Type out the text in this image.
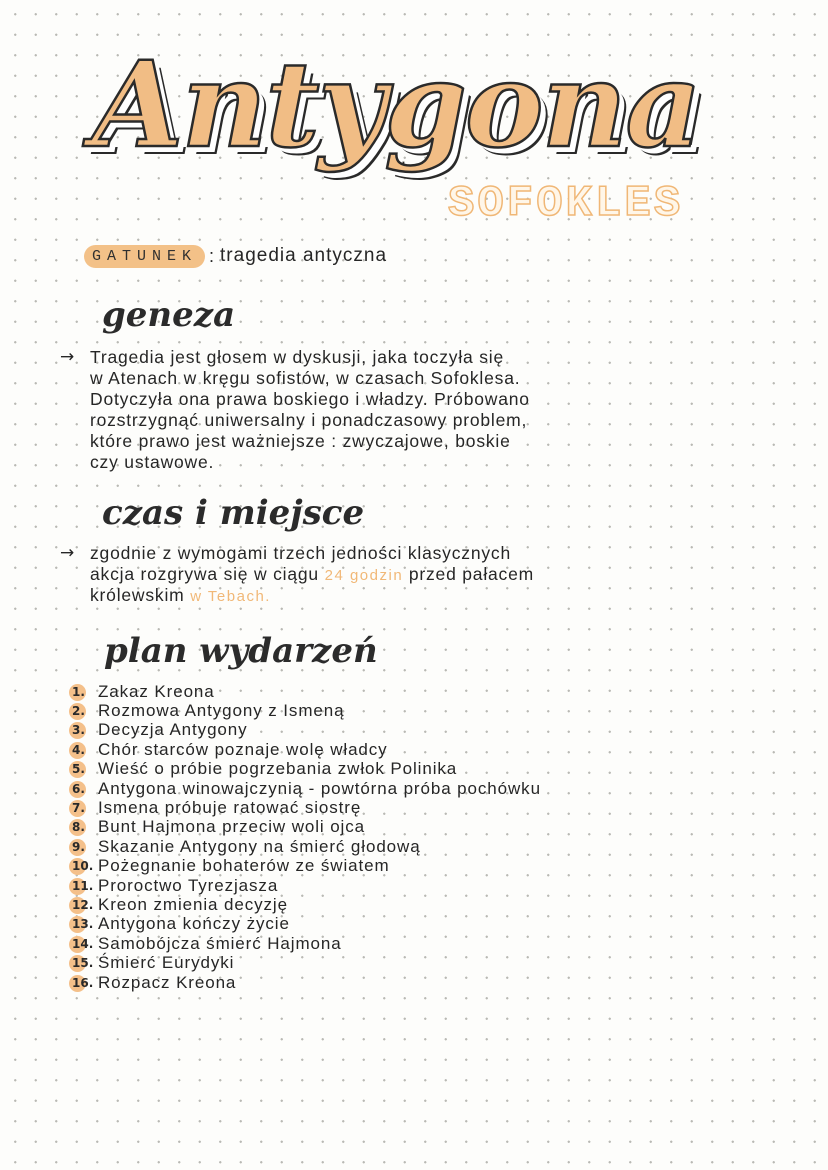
Antygona
SOFOKLES
GATUNEK : tragedia antyczna
geneza
→ Tragedia jest głosem w dyskusji, jaka toczyła się
w Atenach w kręgu sofistów, w czasach Sofoklesa.
Dotyczyła ona prawa boskiego i władzy. Próbowano
rozstrzygnąć uniwersalny i ponadczasowy problem,
które prawo jest ważniejsze : zwyczajowe, boskie
czy ustawowe.
czas i miejsce
→ zgodnie z wymogami trzech jedności klasycznych
akcja rozgrywa się w ciągu 24 godzin przed pałacem
królewskim w Tebach.
plan wydarzeń
1. Zakaz Kreona
2. Rozmowa Antygony z Ismeną
3. Decyzja Antygony
4. Chór starców poznaje wolę władcy
5. Wieść o próbie pogrzebania zwłok Polinika
6. Antygona winowajczynią - powtórna próba pochówku
7. Ismena próbuje ratować siostrę
8. Bunt Hajmona przeciw woli ojca
9. Skazanie Antygony na śmierć głodową
10. Pożegnanie bohaterów ze światem
11. Proroctwo Tyrezjasza
12. Kreon zmienia decyzję
13. Antygona kończy życie
14. Samobójcza śmierć Hajmona
15. Śmierć Eurydyki
16. Rozpacz Kreona
